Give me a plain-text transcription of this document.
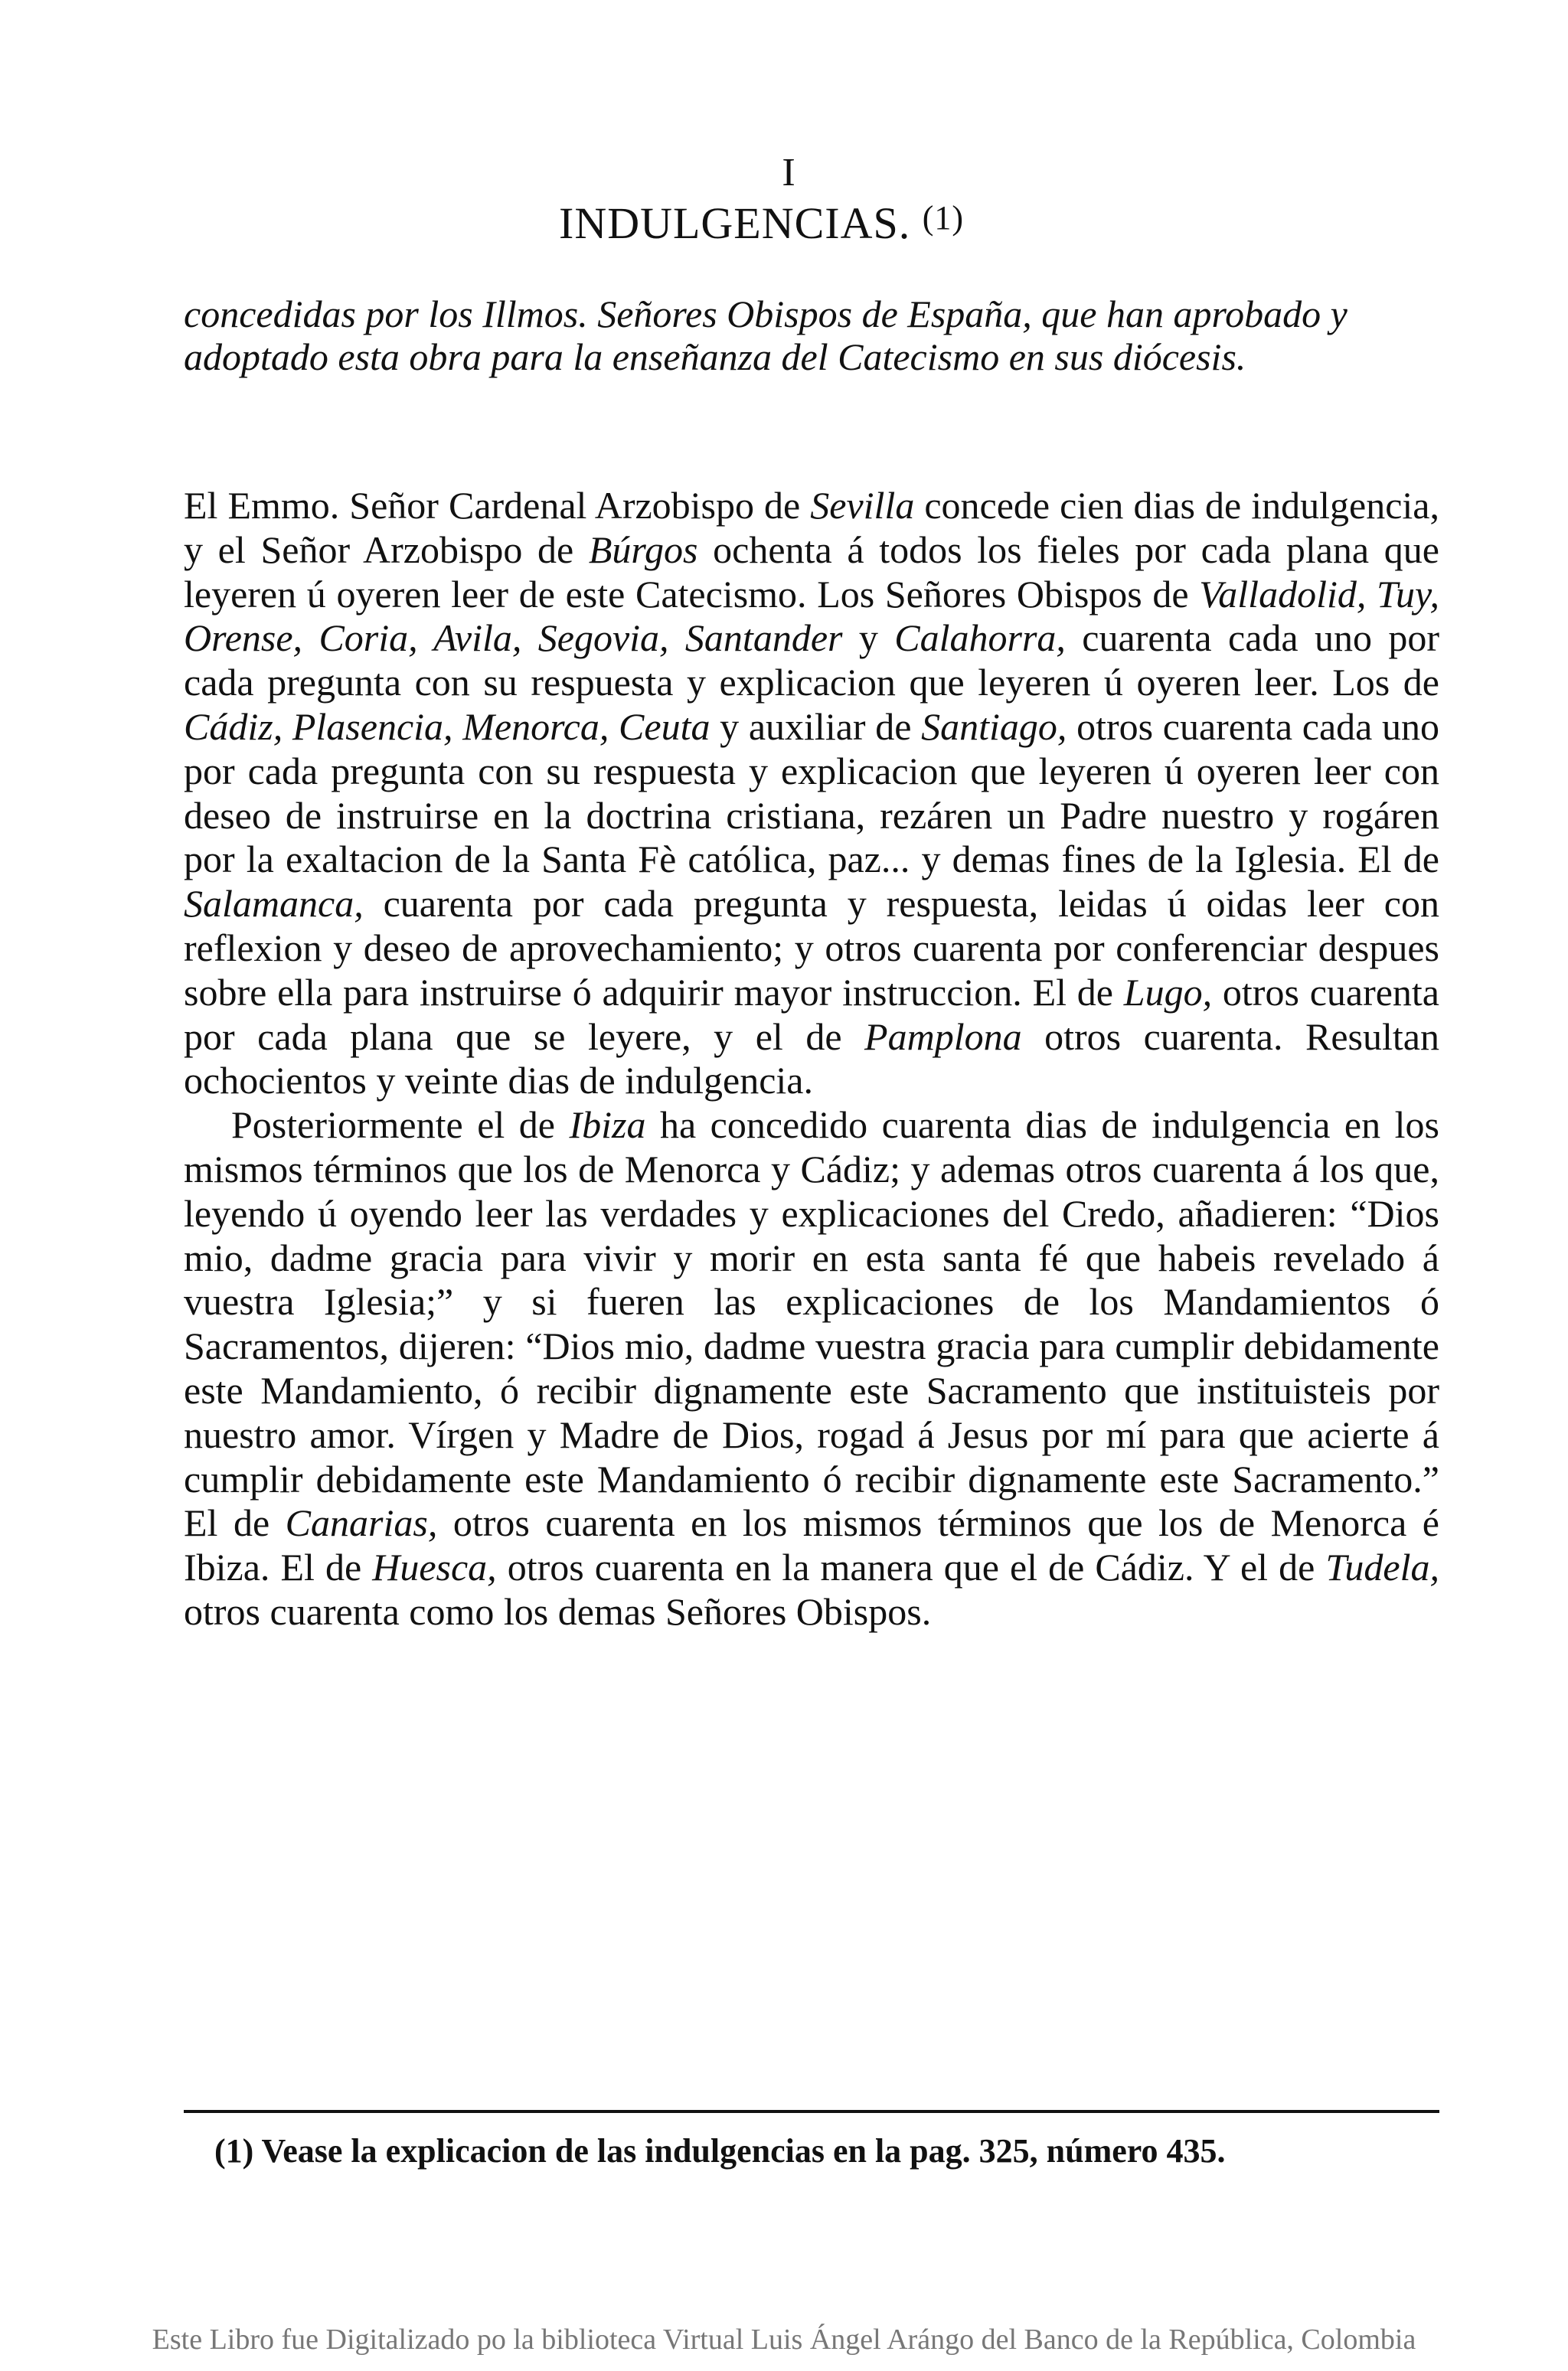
I
INDULGENCIAS. $^{(1)}$
concedidas por los Illmos. Señores Obispos de España, que han aprobado y adoptado esta obra para la enseñanza del Catecismo en sus diócesis.

El Emmo. Señor Cardenal Arzobispo de Sevilla concede cien dias de indulgencia, y el Señor Arzobispo de Búrgos ochenta á todos los fieles por cada plana que leyeren ú oyeren leer de este Catecismo. Los Señores Obispos de Valladolid, Tuy, Orense, Coria, Avila, Segovia, Santander y Calahorra, cuarenta cada uno por cada pregunta con su respuesta y explicacion que leyeren ú oyeren leer. Los de Cádiz, Plasencia, Menorca, Ceuta y auxiliar de Santiago, otros cuarenta cada uno por cada pregunta con su respuesta y explicacion que leyeren ú oyeren leer con deseo de instruirse en la doctrina cristiana, rezáren un Padre nuestro y rogáren por la exaltacion de la Santa Fè católica, paz... y demas fines de la Iglesia. El de Salamanca, cuarenta por cada pregunta y respuesta, leidas ú oidas leer con reflexion y deseo de aprovechamiento; y otros cuarenta por conferenciar despues sobre ella para instruirse ó adquirir mayor instruccion. El de Lugo, otros cuarenta por cada plana que se leyere, y el de Pamplona otros cuarenta. Resultan ochocientos y veinte dias de indulgencia.

Posteriormente el de Ibiza ha concedido cuarenta dias de indulgencia en los mismos términos que los de Menorca y Cádiz; y ademas otros cuarenta á los que, leyendo ú oyendo leer las verdades y explicaciones del Credo, añadieren: “Dios mio, dadme gracia para vivir y morir en esta santa fé que habeis revelado á vuestra Iglesia;” y si fueren las explicaciones de los Mandamientos ó Sacramentos, dijeren: “Dios mio, dadme vuestra gracia para cumplir debidamente este Mandamiento, ó recibir dignamente este Sacramento que instituisteis por nuestro amor. Vírgen y Madre de Dios, rogad á Jesus por mí para que acierte á cumplir debidamente este Mandamiento ó recibir dignamente este Sacramento.” El de Canarias, otros cuarenta en los mismos términos que los de Menorca é Ibiza. El de Huesca, otros cuarenta en la manera que el de Cádiz. Y el de Tudela, otros cuarenta como los demas Señores Obispos.

(1) Vease la explicacion de las indulgencias en la pag. 325, número 435.
Este Libro fue Digitalizado po la biblioteca Virtual Luis Ángel Arángo del Banco de la República, Colombia
